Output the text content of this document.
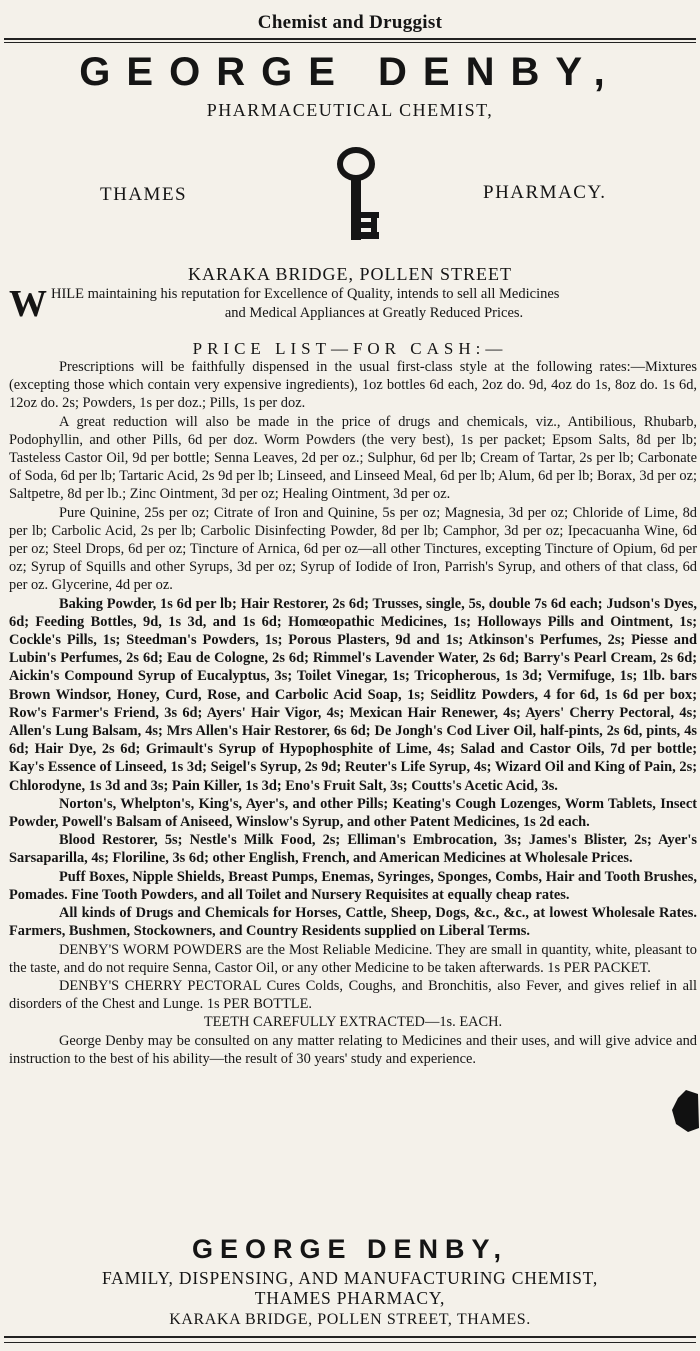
Chemist and Druggist
GEORGE DENBY,
PHARMACEUTICAL CHEMIST,
THAMES	PHARMACY.
KARAKA BRIDGE, POLLEN STREET
W HILE maintaining his reputation for Excellence of Quality, intends to sell all Medicines
and Medical Appliances at Greatly Reduced Prices.
PRICE LIST—FOR CASH:—

Prescriptions will be faithfully dispensed in the usual first-class style at the following rates:—Mixtures (excepting those which contain very expensive ingredients), 1oz bottles 6d each, 2oz do. 9d, 4oz do 1s, 8oz do. 1s 6d, 12oz do. 2s; Powders, 1s per doz.; Pills, 1s per doz.

A great reduction will also be made in the price of drugs and chemicals, viz., Antibilious, Rhubarb, Podophyllin, and other Pills, 6d per doz. Worm Powders (the very best), 1s per packet; Epsom Salts, 8d per lb; Tasteless Castor Oil, 9d per bottle; Senna Leaves, 2d per oz.; Sulphur, 6d per lb; Cream of Tartar, 2s per lb; Carbonate of Soda, 6d per lb; Tartaric Acid, 2s 9d per lb; Linseed, and Linseed Meal, 6d per lb; Alum, 6d per lb; Borax, 3d per oz; Saltpetre, 8d per lb.; Zinc Ointment, 3d per oz; Healing Ointment, 3d per oz.

Pure Quinine, 25s per oz; Citrate of Iron and Quinine, 5s per oz; Magnesia, 3d per oz; Chloride of Lime, 8d per lb; Carbolic Acid, 2s per lb; Carbolic Disinfecting Powder, 8d per lb; Camphor, 3d per oz; Ipecacuanha Wine, 6d per oz; Steel Drops, 6d per oz; Tincture of Arnica, 6d per oz—all other Tinctures, excepting Tincture of Opium, 6d per oz; Syrup of Squills and other Syrups, 3d per oz; Syrup of Iodide of Iron, Parrish's Syrup, and others of that class, 6d per oz. Glycerine, 4d per oz.

Baking Powder, 1s 6d per lb; Hair Restorer, 2s 6d; Trusses, single, 5s, double 7s 6d each; Judson's Dyes, 6d; Feeding Bottles, 9d, 1s 3d, and 1s 6d; Homœopathic Medicines, 1s; Holloways Pills and Ointment, 1s; Cockle's Pills, 1s; Steedman's Powders, 1s; Porous Plasters, 9d and 1s; Atkinson's Perfumes, 2s; Piesse and Lubin's Perfumes, 2s 6d; Eau de Cologne, 2s 6d; Rimmel's Lavender Water, 2s 6d; Barry's Pearl Cream, 2s 6d; Aickin's Compound Syrup of Eucalyptus, 3s; Toilet Vinegar, 1s; Tricopherous, 1s 3d; Vermifuge, 1s; 1lb. bars Brown Windsor, Honey, Curd, Rose, and Carbolic Acid Soap, 1s; Seidlitz Powders, 4 for 6d, 1s 6d per box; Row's Farmer's Friend, 3s 6d; Ayers' Hair Vigor, 4s; Mexican Hair Renewer, 4s; Ayers' Cherry Pectoral, 4s; Allen's Lung Balsam, 4s; Mrs Allen's Hair Restorer, 6s 6d; De Jongh's Cod Liver Oil, half-pints, 2s 6d, pints, 4s 6d; Hair Dye, 2s 6d; Grimault's Syrup of Hypophosphite of Lime, 4s; Salad and Castor Oils, 7d per bottle; Kay's Essence of Linseed, 1s 3d; Seigel's Syrup, 2s 9d; Reuter's Life Syrup, 4s; Wizard Oil and King of Pain, 2s; Chlorodyne, 1s 3d and 3s; Pain Killer, 1s 3d; Eno's Fruit Salt, 3s; Coutts's Acetic Acid, 3s.

Norton's, Whelpton's, King's, Ayer's, and other Pills; Keating's Cough Lozenges, Worm Tablets, Insect Powder, Powell's Balsam of Aniseed, Winslow's Syrup, and other Patent Medicines, 1s 2d each.

Blood Restorer, 5s; Nestle's Milk Food, 2s; Elliman's Embrocation, 3s; James's Blister, 2s; Ayer's Sarsaparilla, 4s; Floriline, 3s 6d; other English, French, and American Medicines at Wholesale Prices.

Puff Boxes, Nipple Shields, Breast Pumps, Enemas, Syringes, Sponges, Combs, Hair and Tooth Brushes, Pomades. Fine Tooth Powders, and all Toilet and Nursery Requisites at equally cheap rates.

All kinds of Drugs and Chemicals for Horses, Cattle, Sheep, Dogs, &c., &c., at lowest Wholesale Rates. Farmers, Bushmen, Stockowners, and Country Residents supplied on Liberal Terms.

DENBY'S WORM POWDERS are the Most Reliable Medicine. They are small in quantity, white, pleasant to the taste, and do not require Senna, Castor Oil, or any other Medicine to be taken afterwards. 1s PER PACKET.

DENBY'S CHERRY PECTORAL Cures Colds, Coughs, and Bronchitis, also Fever, and gives relief in all disorders of the Chest and Lunge. 1s PER BOTTLE.

TEETH CAREFULLY EXTRACTED—1s. EACH.

George Denby may be consulted on any matter relating to Medicines and their uses, and will give advice and instruction to the best of his ability—the result of 30 years' study and experience.

GEORGE DENBY,
FAMILY, DISPENSING, AND MANUFACTURING CHEMIST,
THAMES PHARMACY,
KARAKA BRIDGE, POLLEN STREET, THAMES.
